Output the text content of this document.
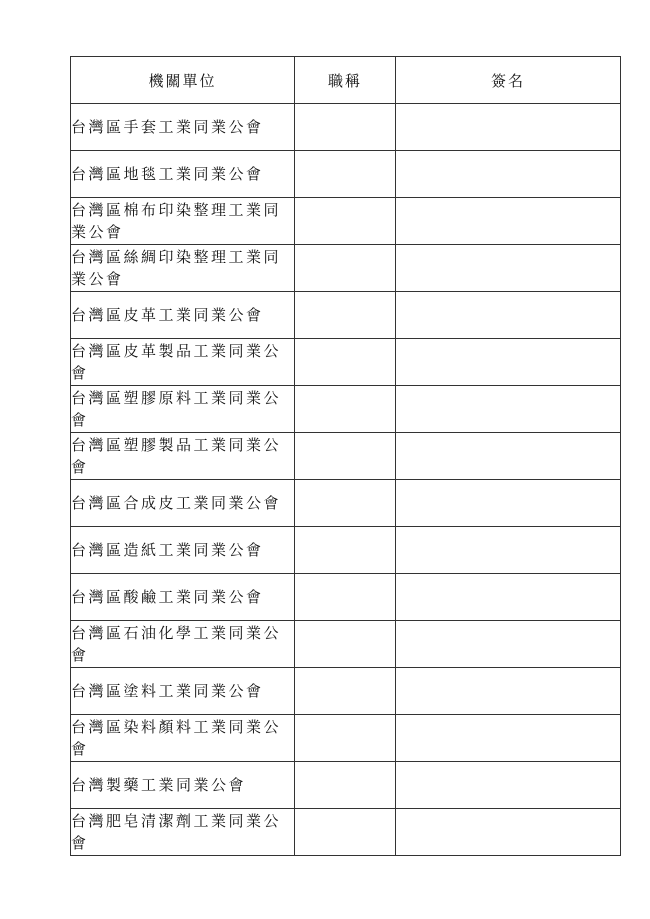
機關單位	職稱	簽名
台灣區手套工業同業公會		
台灣區地毯工業同業公會		
台灣區棉布印染整理工業同業公會		
台灣區絲綢印染整理工業同業公會		
台灣區皮革工業同業公會		
台灣區皮革製品工業同業公會		
台灣區塑膠原料工業同業公會		
台灣區塑膠製品工業同業公會		
台灣區合成皮工業同業公會		
台灣區造紙工業同業公會		
台灣區酸鹼工業同業公會		
台灣區石油化學工業同業公會		
台灣區塗料工業同業公會		
台灣區染料顏料工業同業公會		
台灣製藥工業同業公會		
台灣肥皂清潔劑工業同業公會		
